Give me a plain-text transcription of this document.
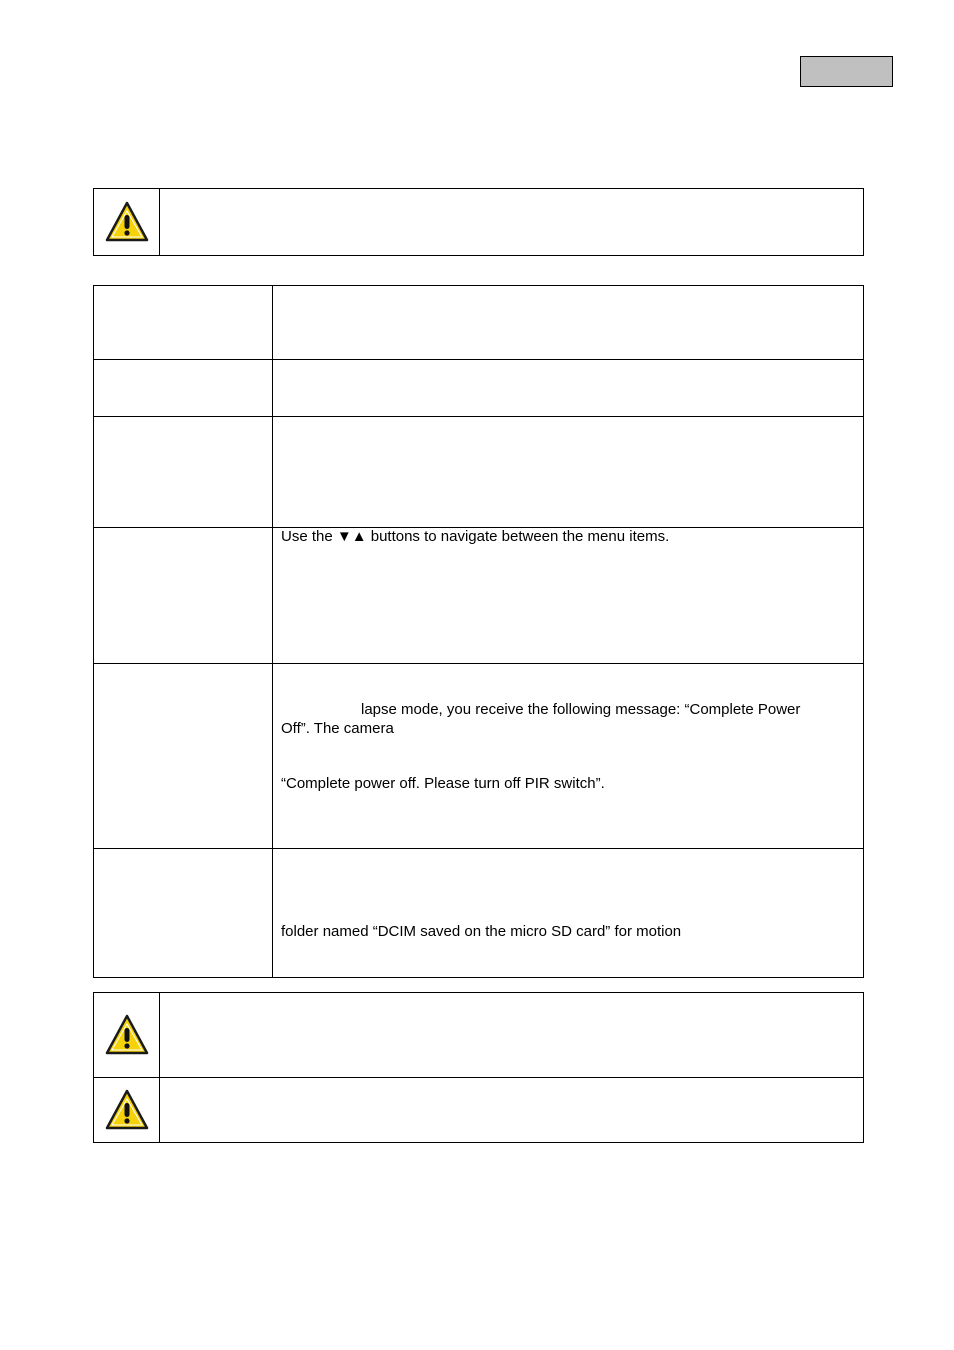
Use the ▼▲ buttons to navigate between the menu items.
lapse mode, you receive the following message: “Complete Power
Off”. The camera
“Complete power off. Please turn off PIR switch”.
folder named “DCIM saved on the micro SD card” for motion
